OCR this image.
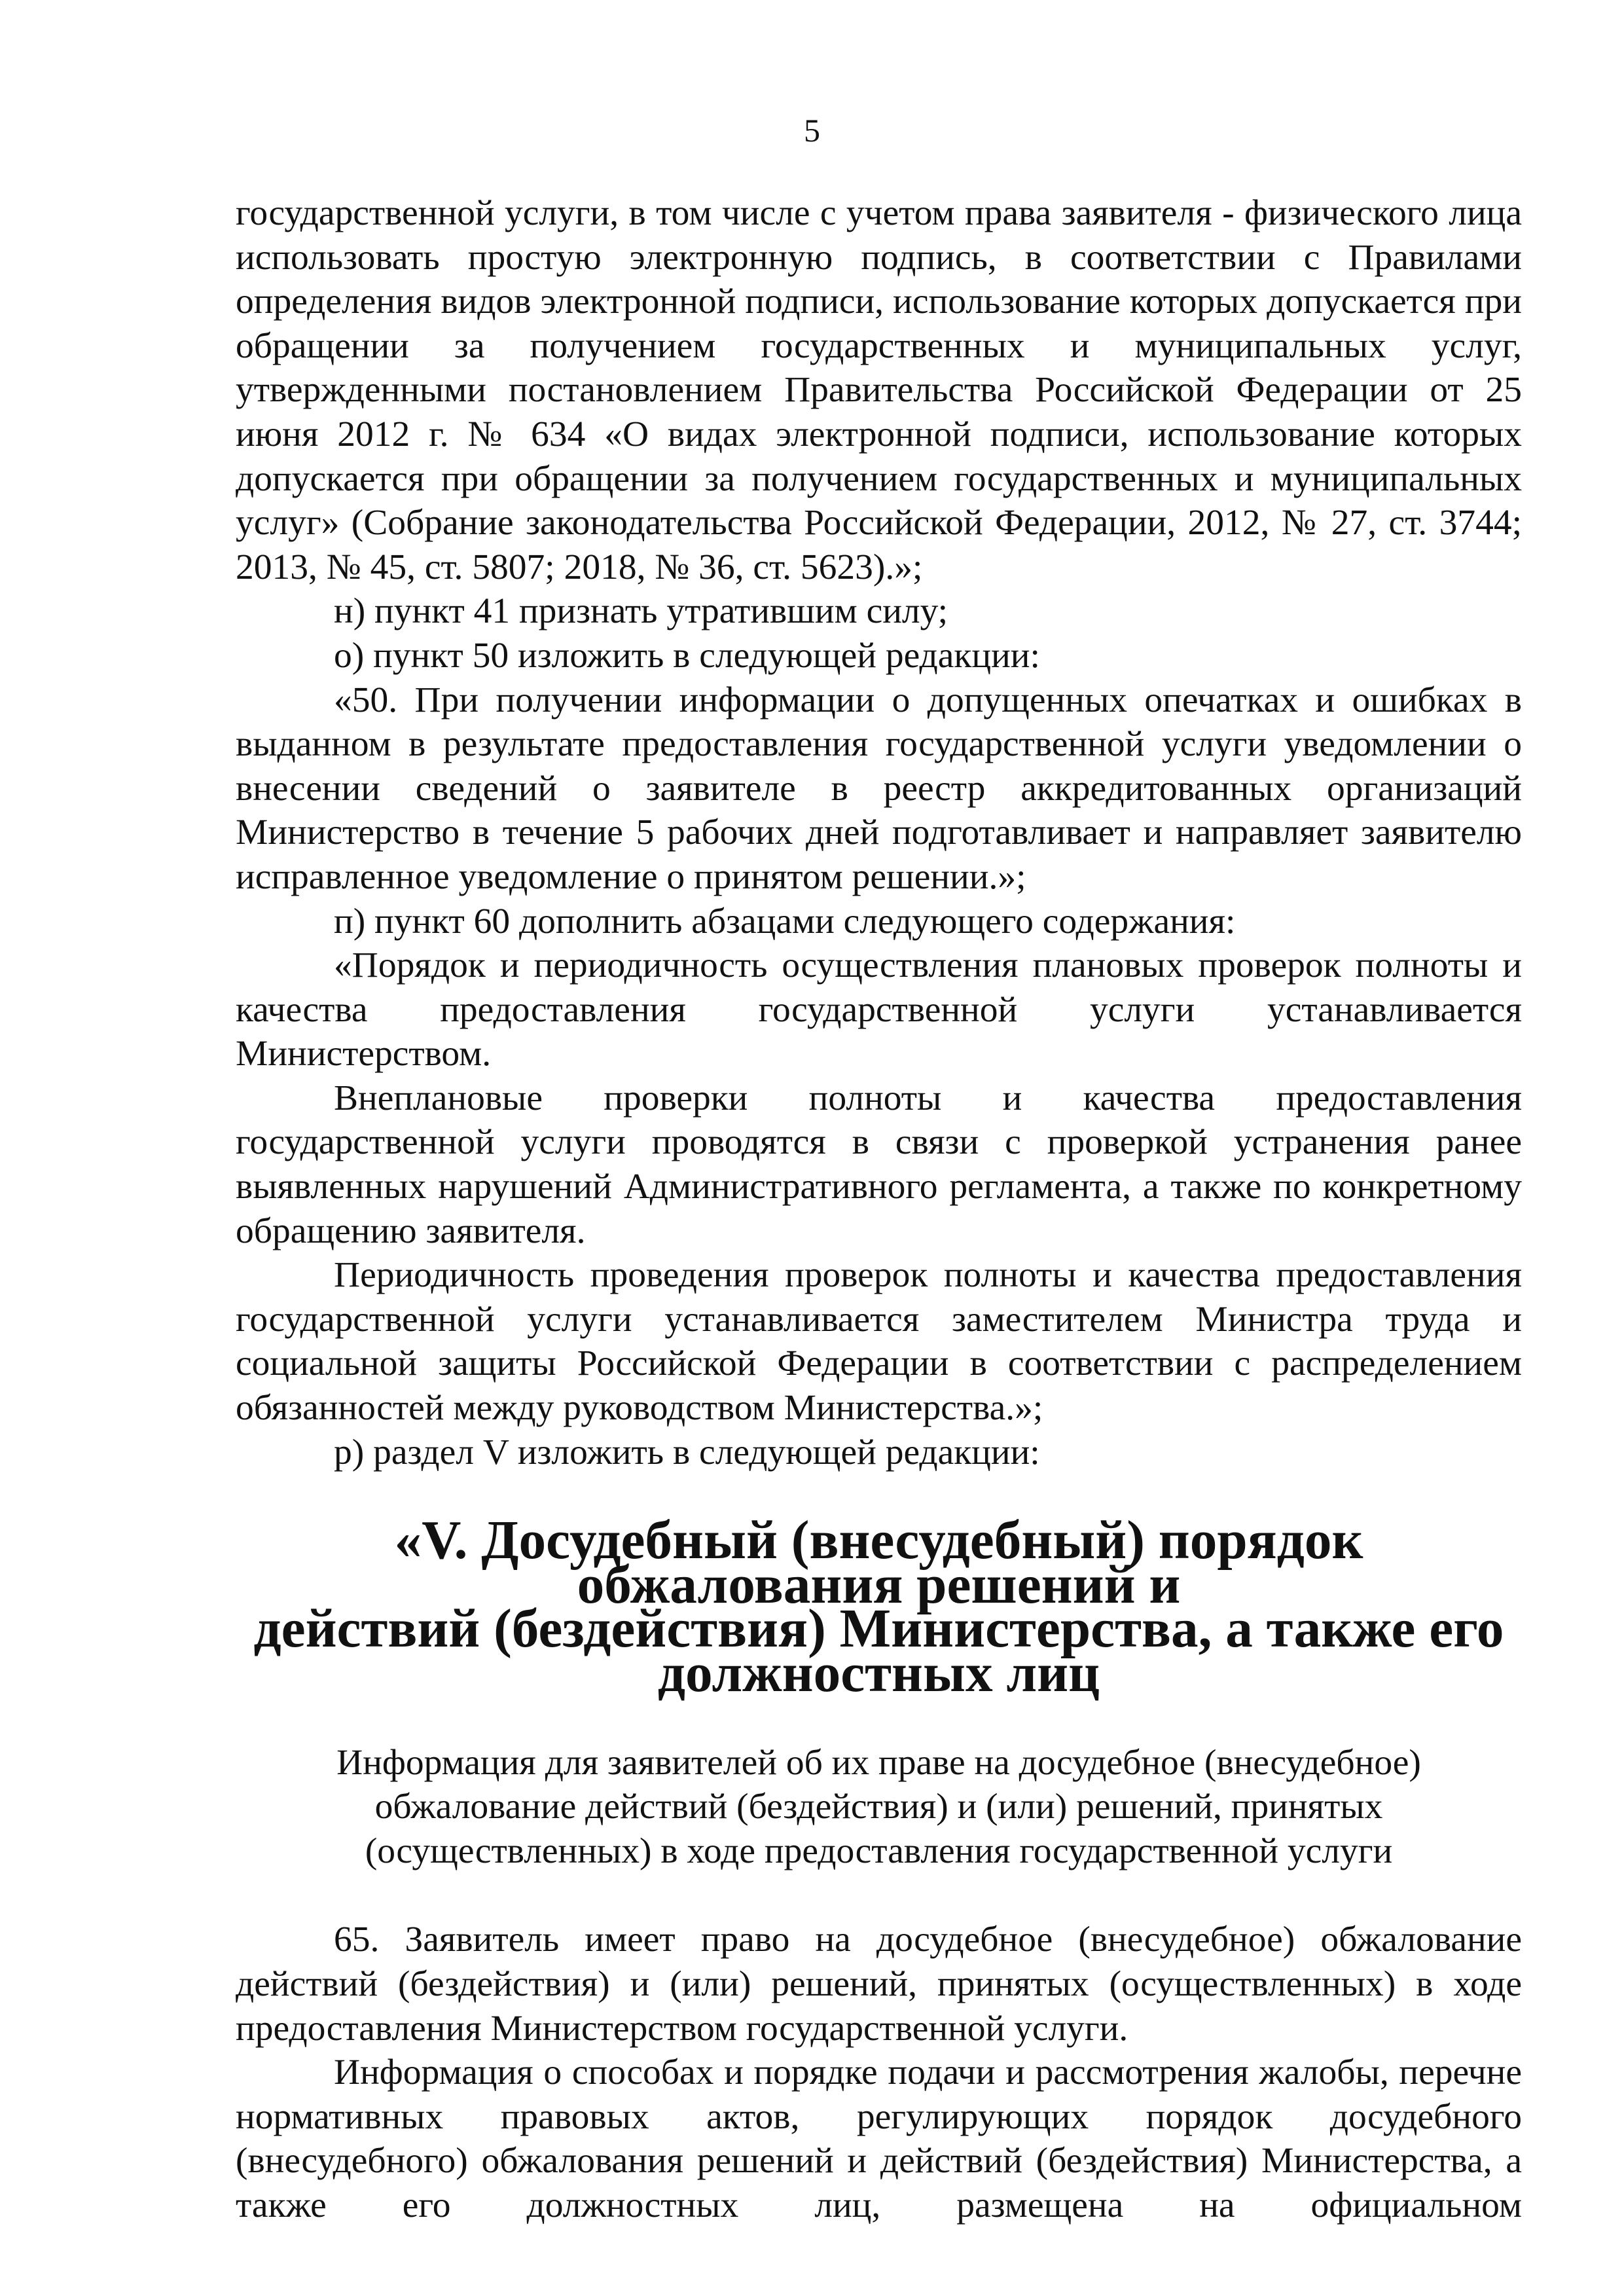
5

государственной услуги, в том числе с учетом права заявителя - физического лица использовать простую электронную подпись, в соответствии с Правилами определения видов электронной подписи, использование которых допускается при обращении за получением государственных и муниципальных услуг, утвержденными постановлением Правительства Российской Федерации от 25 июня 2012 г. № 634 «О видах электронной подписи, использование которых допускается при обращении за получением государственных и муниципальных услуг» (Собрание законодательства Российской Федерации, 2012, № 27, ст. 3744; 2013, № 45, ст. 5807; 2018, № 36, ст. 5623).»;

н) пункт 41 признать утратившим силу;

о) пункт 50 изложить в следующей редакции:

«50. При получении информации о допущенных опечатках и ошибках в выданном в результате предоставления государственной услуги уведомлении о внесении сведений о заявителе в реестр аккредитованных организаций Министерство в течение 5 рабочих дней подготавливает и направляет заявителю исправленное уведомление о принятом решении.»;

п) пункт 60 дополнить абзацами следующего содержания:

«Порядок и периодичность осуществления плановых проверок полноты и качества предоставления государственной услуги устанавливается Министерством.

Внеплановые проверки полноты и качества предоставления государственной услуги проводятся в связи с проверкой устранения ранее выявленных нарушений Административного регламента, а также по конкретному обращению заявителя.

Периодичность проведения проверок полноты и качества предоставления государственной услуги устанавливается заместителем Министра труда и социальной защиты Российской Федерации в соответствии с распределением обязанностей между руководством Министерства.»;

р) раздел V изложить в следующей редакции:

«V. Досудебный (внесудебный) порядок обжалования решений и
действий (бездействия) Министерства, а также его должностных лиц
Информация для заявителей об их праве на досудебное (внесудебное)
обжалование действий (бездействия) и (или) решений, принятых
(осуществленных) в ходе предоставления государственной услуги

65. Заявитель имеет право на досудебное (внесудебное) обжалование действий (бездействия) и (или) решений, принятых (осуществленных) в ходе предоставления Министерством государственной услуги.

Информация о способах и порядке подачи и рассмотрения жалобы, перечне нормативных правовых актов, регулирующих порядок досудебного (внесудебного) обжалования решений и действий (бездействия) Министерства, а также его должностных лиц, размещена на официальном
